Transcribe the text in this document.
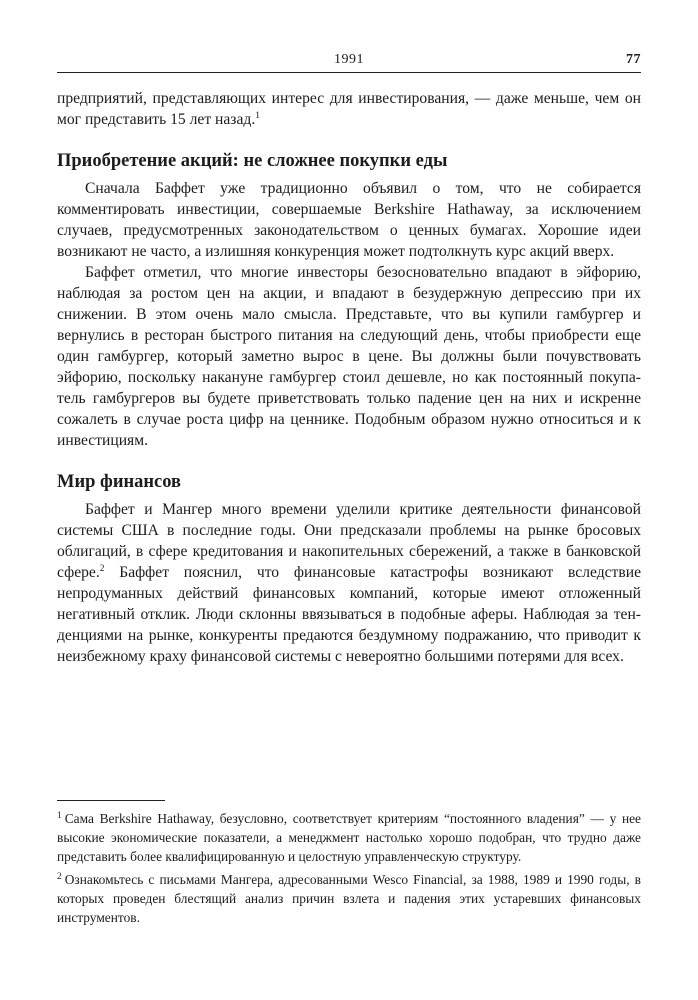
1991	77

предприятий, представляющих интерес для инвестирования, — даже меньше, чем он мог представить 15 лет назад.$^1$

Приобретение акций: не сложнее покупки еды

Сначала Баффет уже традиционно объявил о том, что не собирается комментировать инвестиции, совершаемые Berkshire Hathaway, за исключением случаев, предусмотренных законодательством о ценных бумагах. Хорошие идеи возникают не часто, а излишняя конкуренция может подтолкнуть курс акций вверх.

Баффет отметил, что многие инвесторы безосновательно впадают в эйфорию, наблюдая за ростом цен на акции, и впадают в безудержную депрессию при их снижении. В этом очень мало смысла. Представьте, что вы купили гамбургер и вернулись в ресторан быстрого питания на следующий день, чтобы приобрести еще один гамбургер, который заметно вырос в цене. Вы должны были почувствовать эйфорию, поскольку накануне гамбургер стоил дешевле, но как постоянный покупатель гамбургеров вы будете приветствовать только падение цен на них и искренне сожалеть в случае роста цифр на ценнике. Подобным образом нужно относиться и к инвестициям.

Мир финансов

Баффет и Мангер много времени уделили критике деятельности финансовой системы США в последние годы. Они предсказали проблемы на рынке бросовых облигаций, в сфере кредитования и накопительных сбережений, а также в банковской сфере.$^2$ Баффет пояснил, что финансовые катастрофы возникают вследствие непродуманных действий финансовых компаний, которые имеют отложенный негативный отклик. Люди склонны ввязываться в подобные аферы. Наблюдая за тенденциями на рынке, конкуренты предаются бездумному подражанию, что приводит к неизбежному краху финансовой системы с невероятно большими потерями для всех.

$^1$ Сама Berkshire Hathaway, безусловно, соответствует критериям “постоянного владения” — у нее высокие экономические показатели, а менеджмент настолько хорошо подобран, что трудно даже представить более квалифицированную и целостную управленческую структуру.

$^2$ Ознакомьтесь с письмами Мангера, адресованными Wesco Financial, за 1988, 1989 и 1990 годы, в которых проведен блестящий анализ причин взлета и падения этих устаревших финансовых инструментов.
